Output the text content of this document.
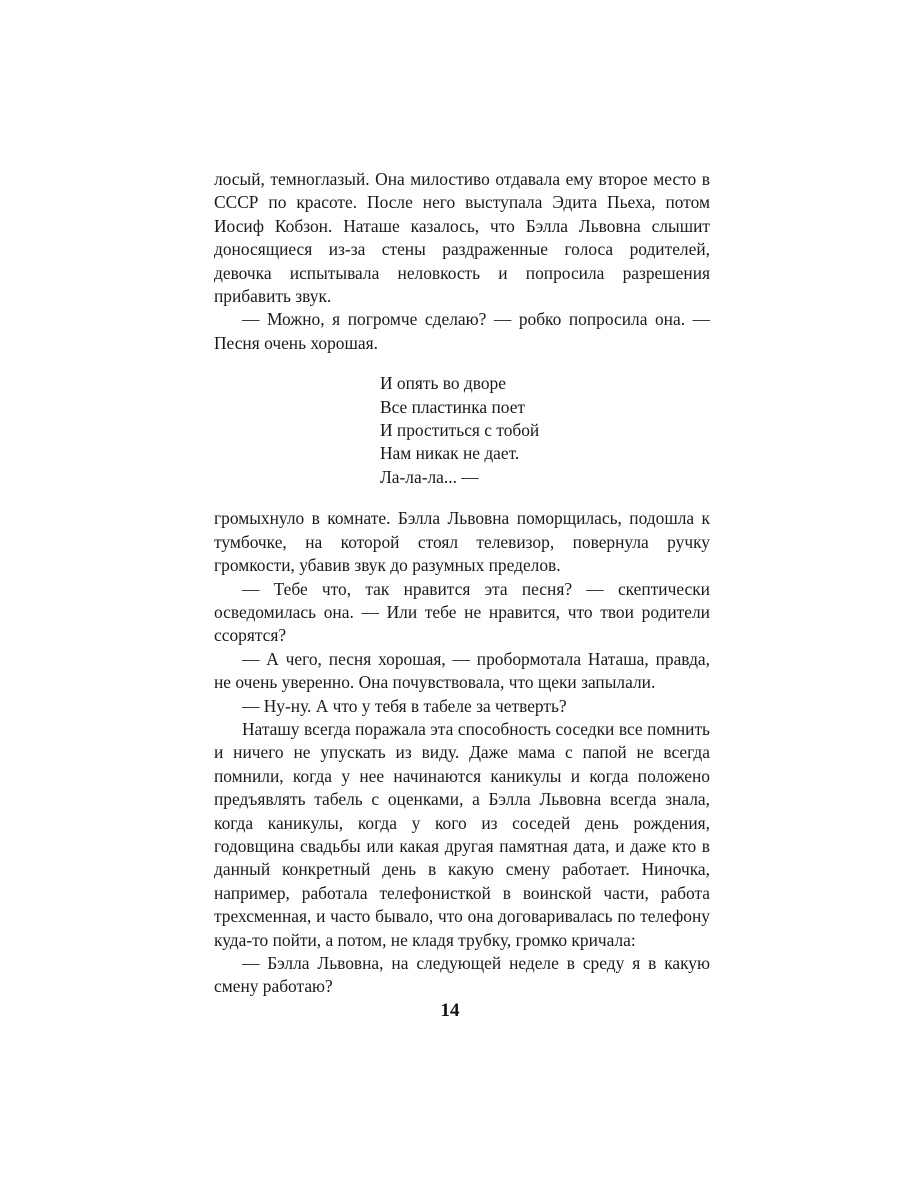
лосый, темноглазый. Она милостиво отдавала ему второе место в СССР по красоте. После него выступала Эдита Пьеха, потом Иосиф Кобзон. Наташе казалось, что Бэлла Львовна слышит доносящиеся из-за стены раздраженные голоса родителей, девочка испытывала неловкость и попросила разрешения прибавить звук.

— Можно, я погромче сделаю? — робко попросила она. — Песня очень хорошая.

И опять во дворе
Все пластинка поет
И проститься с тобой
Нам никак не дает.
Ла-ла-ла... —

громыхнуло в комнате. Бэлла Львовна поморщилась, подошла к тумбочке, на которой стоял телевизор, повернула ручку громкости, убавив звук до разумных пределов.

— Тебе что, так нравится эта песня? — скептически осведомилась она. — Или тебе не нравится, что твои родители ссорятся?

— А чего, песня хорошая, — пробормотала Наташа, правда, не очень уверенно. Она почувствовала, что щеки запылали.

— Ну-ну. А что у тебя в табеле за четверть?

Наташу всегда поражала эта способность соседки все помнить и ничего не упускать из виду. Даже мама с папой не всегда помнили, когда у нее начинаются каникулы и когда положено предъявлять табель с оценками, а Бэлла Львовна всегда знала, когда каникулы, когда у кого из соседей день рождения, годовщина свадьбы или какая другая памятная дата, и даже кто в данный конкретный день в какую смену работает. Ниночка, например, работала телефонисткой в воинской части, работа трехсменная, и часто бывало, что она договаривалась по телефону куда-то пойти, а потом, не кладя трубку, громко кричала:

— Бэлла Львовна, на следующей неделе в среду я в какую смену работаю?

14
